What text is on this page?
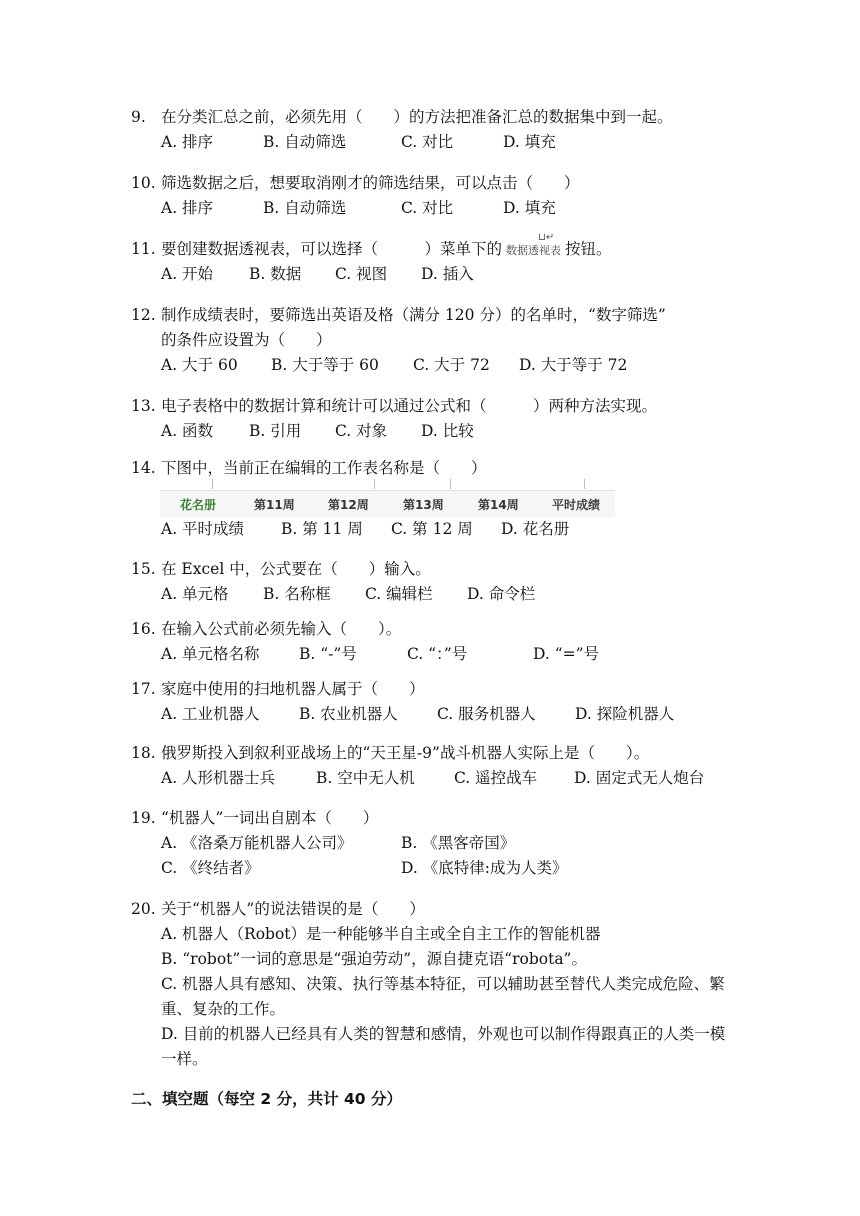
9. 在分类汇总之前，必须先用（　　）的方法把准备汇总的数据集中到一起。
A. 排序	B. 自动筛选	C. 对比	D. 填充
10. 筛选数据之后，想要取消刚才的筛选结果，可以点击（　　）
A. 排序	B. 自动筛选	C. 对比	D. 填充
11. 要创建数据透视表，可以选择（　　　）菜单下的
⊔↵
数据透视表 按钮。
A. 开始 B. 数据 C. 视图 D. 插入
12. 制作成绩表时，要筛选出英语及格（满分 120 分）的名单时，“数字筛选”
的条件应设置为（　　）
A. 大于 60 B. 大于等于 60 C. 大于 72 D. 大于等于 72
13. 电子表格中的数据计算和统计可以通过公式和（　　　）两种方法实现。
A. 函数 B. 引用 C. 对象 D. 比较
14. 下图中，当前正在编辑的工作表名称是（　　）
花名册	第11周	第12周	第13周	第14周	平时成绩
A. 平时成绩 B. 第 11 周 C. 第 12 周 D. 花名册
15. 在 Excel 中，公式要在（　　）输入。
A. 单元格 B. 名称框 C. 编辑栏 D. 命令栏
16. 在输入公式前必须先输入（　　）。
A. 单元格名称	B. “-”号	C. “：”号	D. “=”号
17. 家庭中使用的扫地机器人属于（　　）
A. 工业机器人	B. 农业机器人	C. 服务机器人	D. 探险机器人
18. 俄罗斯投入到叙利亚战场上的“天王星-9”战斗机器人实际上是（　　）。
A. 人形机器士兵	B. 空中无人机	C. 遥控战车 D. 固定式无人炮台
19. “机器人”一词出自剧本（　　）
A. 《洛桑万能机器人公司》	B. 《黑客帝国》
C. 《终结者》	D. 《底特律:成为人类》
20. 关于“机器人”的说法错误的是（　　）
A. 机器人（Robot）是一种能够半自主或全自主工作的智能机器
B. “robot”一词的意思是“强迫劳动”，源自捷克语“robota”。
C. 机器人具有感知、决策、执行等基本特征，可以辅助甚至替代人类完成危险、繁重、复杂的工作。
D. 目前的机器人已经具有人类的智慧和感情，外观也可以制作得跟真正的人类一模一样。
二、填空题（每空 2 分，共计 40 分）
